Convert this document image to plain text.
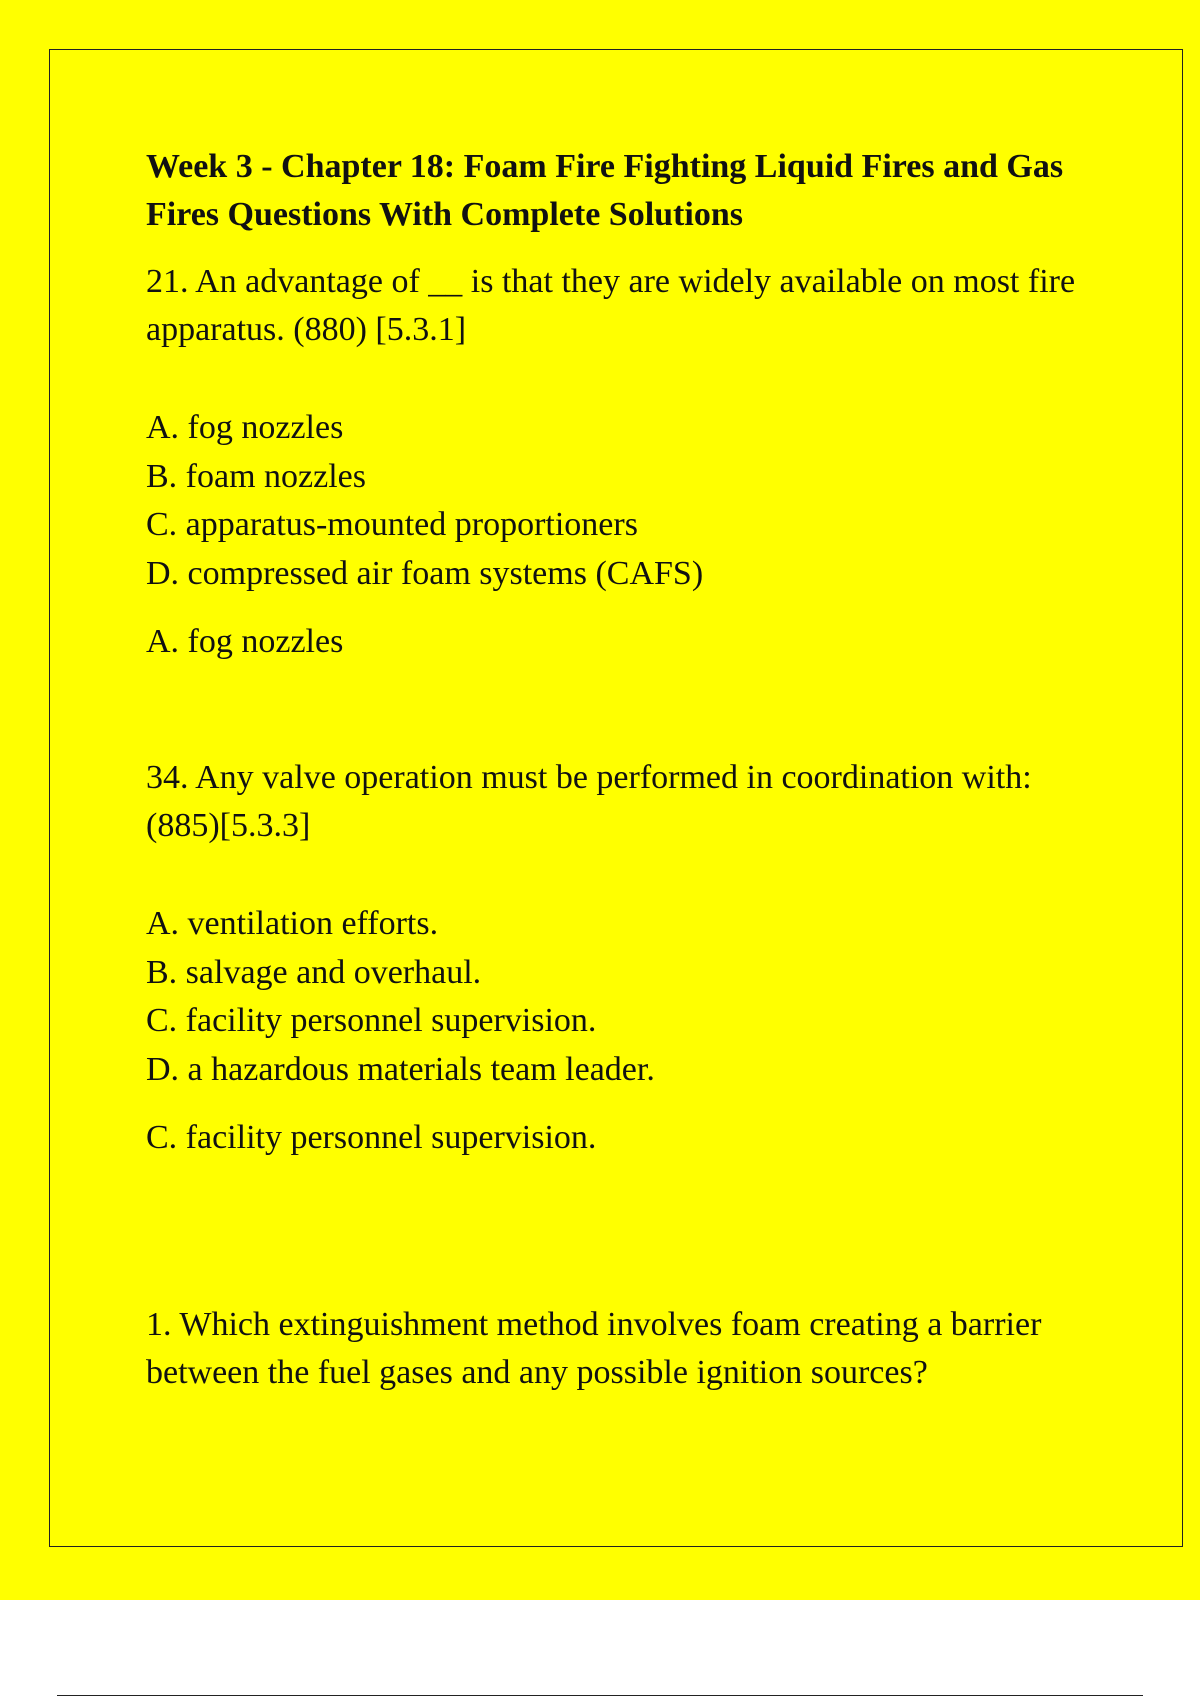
Week 3 - Chapter 18: Foam Fire Fighting Liquid Fires and Gas Fires Questions With Complete Solutions

21. An advantage of __ is that they are widely available on most fire apparatus. (880) [5.3.1]

A. fog nozzles
B. foam nozzles
C. apparatus-mounted proportioners
D. compressed air foam systems (CAFS)

A. fog nozzles

34. Any valve operation must be performed in coordination with: (885)[5.3.3]

A. ventilation efforts.
B. salvage and overhaul.
C. facility personnel supervision.
D. a hazardous materials team leader.

C. facility personnel supervision.

1. Which extinguishment method involves foam creating a barrier between the fuel gases and any possible ignition sources?
